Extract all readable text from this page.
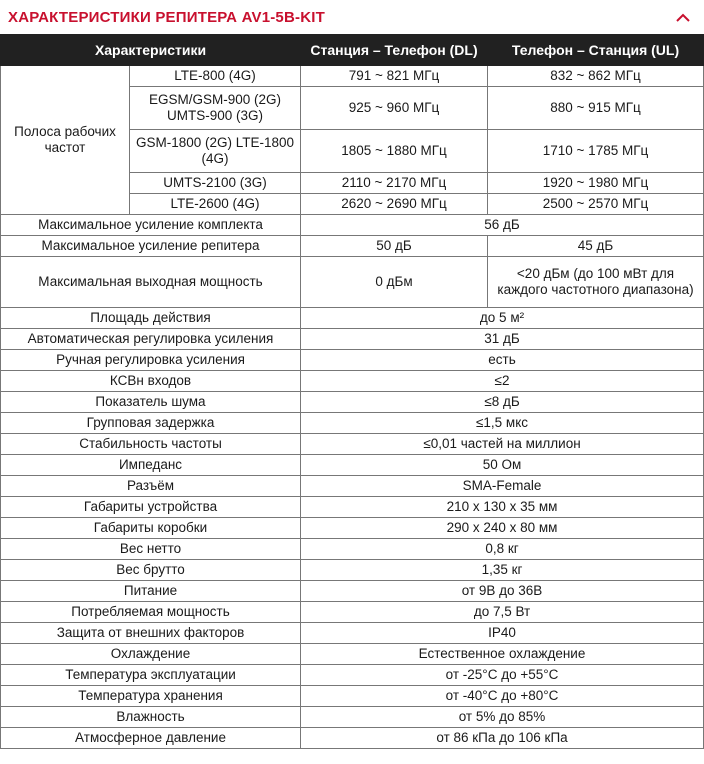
ХАРАКТЕРИСТИКИ РЕПИТЕРА AV1-5B-KIT
Характеристики		Станция – Телефон (DL)	Телефон – Станция (UL)
Полоса рабочих частот	LTE-800 (4G)	791 ~ 821 МГц	832 ~ 862 МГц
	EGSM/GSM-900 (2G) UMTS-900 (3G)	925 ~ 960 МГц	880 ~ 915 МГц
	GSM-1800 (2G) LTE-1800 (4G)	1805 ~ 1880 МГц	1710 ~ 1785 МГц
	UMTS-2100 (3G)	2110 ~ 2170 МГц	1920 ~ 1980 МГц
	LTE-2600 (4G)	2620 ~ 2690 МГц	2500 ~ 2570 МГц
Максимальное усиление комплекта		56 дБ	
Максимальное усиление репитера		50 дБ	45 дБ
Максимальная выходная мощность		0 дБм	<20 дБм (до 100 мВт для каждого частотного диапазона)
Площадь действия		до 5 м²	
Автоматическая регулировка усиления		31 дБ	
Ручная регулировка усиления		есть	
КСВн входов		≤2	
Показатель шума		≤8 дБ	
Групповая задержка		≤1,5 мкс	
Стабильность частоты		≤0,01 частей на миллион	
Импеданс		50 Ом	
Разъём		SMA-Female	
Габариты устройства		210 x 130 x 35 мм	
Габариты коробки		290 x 240 x 80 мм	
Вес нетто		0,8 кг	
Вес брутто		1,35 кг	
Питание		от 9В до 36В	
Потребляемая мощность		до 7,5 Вт	
Защита от внешних факторов		IP40	
Охлаждение		Естественное охлаждение	
Температура эксплуатации		от -25°С до +55°С	
Температура хранения		от -40°С до +80°С	
Влажность		от 5% до 85%	
Атмосферное давление		от 86 кПа до 106 кПа	
